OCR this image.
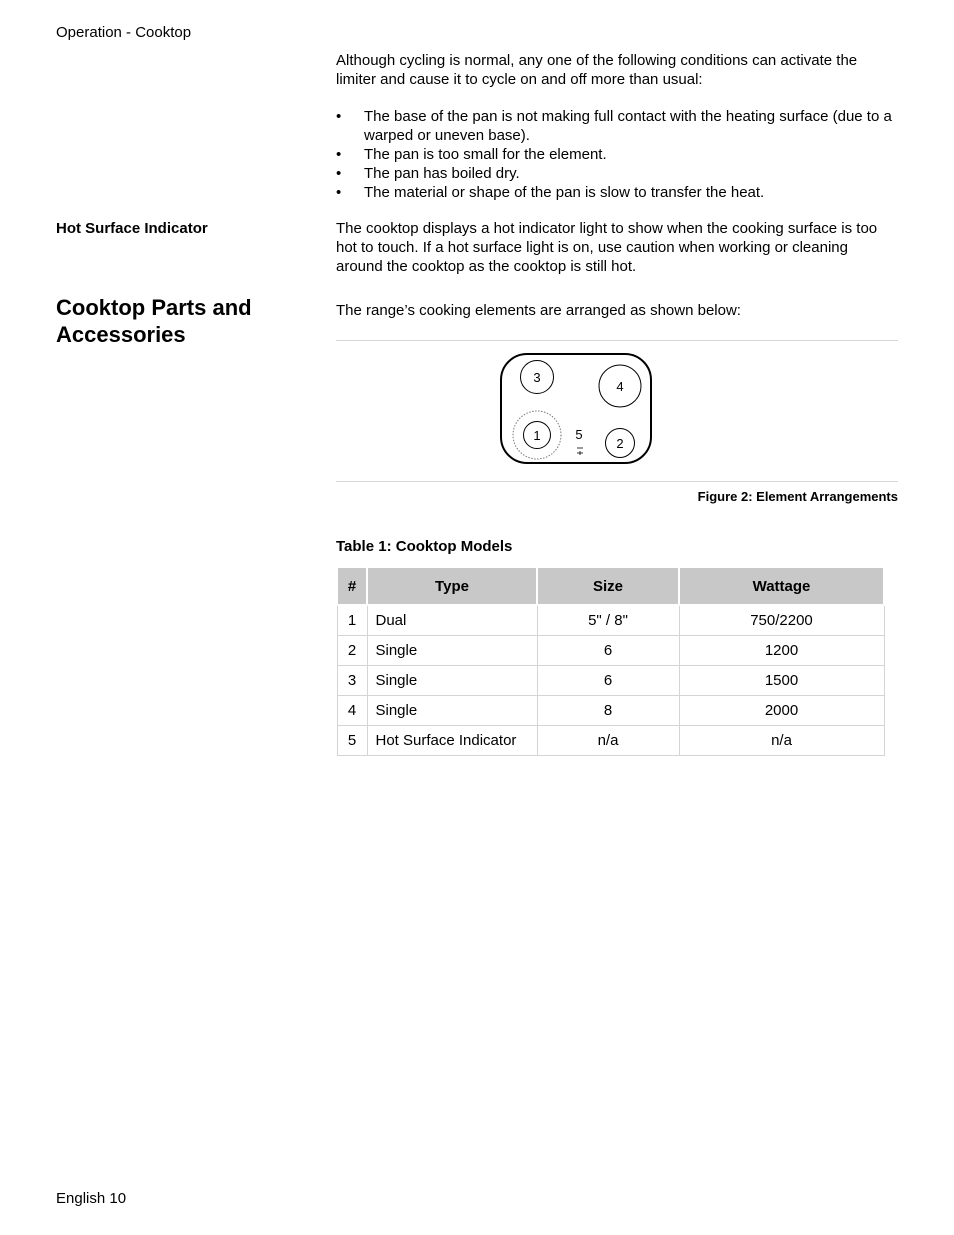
Operation - Cooktop
Although cycling is normal, any one of the following conditions can activate the limiter and cause it to cycle on and off more than usual:
• The base of the pan is not making full contact with the heating surface (due to a warped or uneven base).
• The pan is too small for the element.
• The pan has boiled dry.
• The material or shape of the pan is slow to transfer the heat.
Hot Surface Indicator	The cooktop displays a hot indicator light to show when the cooking surface is too hot to touch. If a hot surface light is on, use caution when working or cleaning around the cooktop as the cooktop is still hot.
Cooktop Parts and Accessories
The range’s cooking elements are arranged as shown below:
3
4
1
2
5
Figure 2: Element Arrangements
Table 1: Cooktop Models
#	Type	Size	Wattage
1	Dual	5" / 8"	750/2200
2	Single	6	1200
3	Single	6	1500
4	Single	8	2000
5	Hot Surface Indicator	n/a	n/a
English 10
